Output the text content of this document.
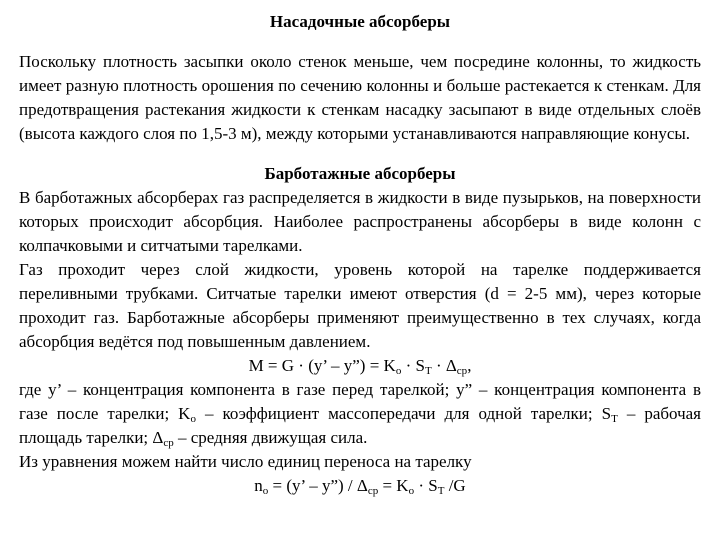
Насадочные абсорберы

Поскольку плотность засыпки около стенок меньше, чем посредине колонны, то жидкость имеет разную плотность орошения по сечению колонны и больше растекается к стенкам. Для предотвращения растекания жидкости к стенкам насадку засыпают в виде отдельных слоёв (высота каждого слоя по 1,5-3 м), между которыми устанавливаются направляющие конусы.

Барботажные абсорберы

В барботажных абсорберах газ распределяется в жидкости в виде пузырьков, на поверхности которых происходит абсорбция. Наиболее распространены абсорберы в виде колонн с колпачковыми и ситчатыми тарелками.

Газ проходит через слой жидкости, уровень которой на тарелке поддерживается переливными трубками. Ситчатые тарелки имеют отверстия (d = 2-5 мм), через которые проходит газ. Барботажные абсорберы применяют преимущественно в тех случаях, когда абсорбция ведётся под повышенным давлением.

M = G · (y’ – y”) = $K_o \cdot S_T \cdot \Delta_{cp}$,

где y’ – концентрация компонента в газе перед тарелкой; y” – концентрация компонента в газе после тарелки; $K_o$ – коэффициент массопередачи для одной тарелки; $S_T$ – рабочая площадь тарелки; $\Delta_{cp}$ – средняя движущая сила.

Из уравнения можем найти число единиц переноса на тарелку

$n_o = (y$’ – y”) / $\Delta_{cp} = K_o \cdot S_T$ /G
